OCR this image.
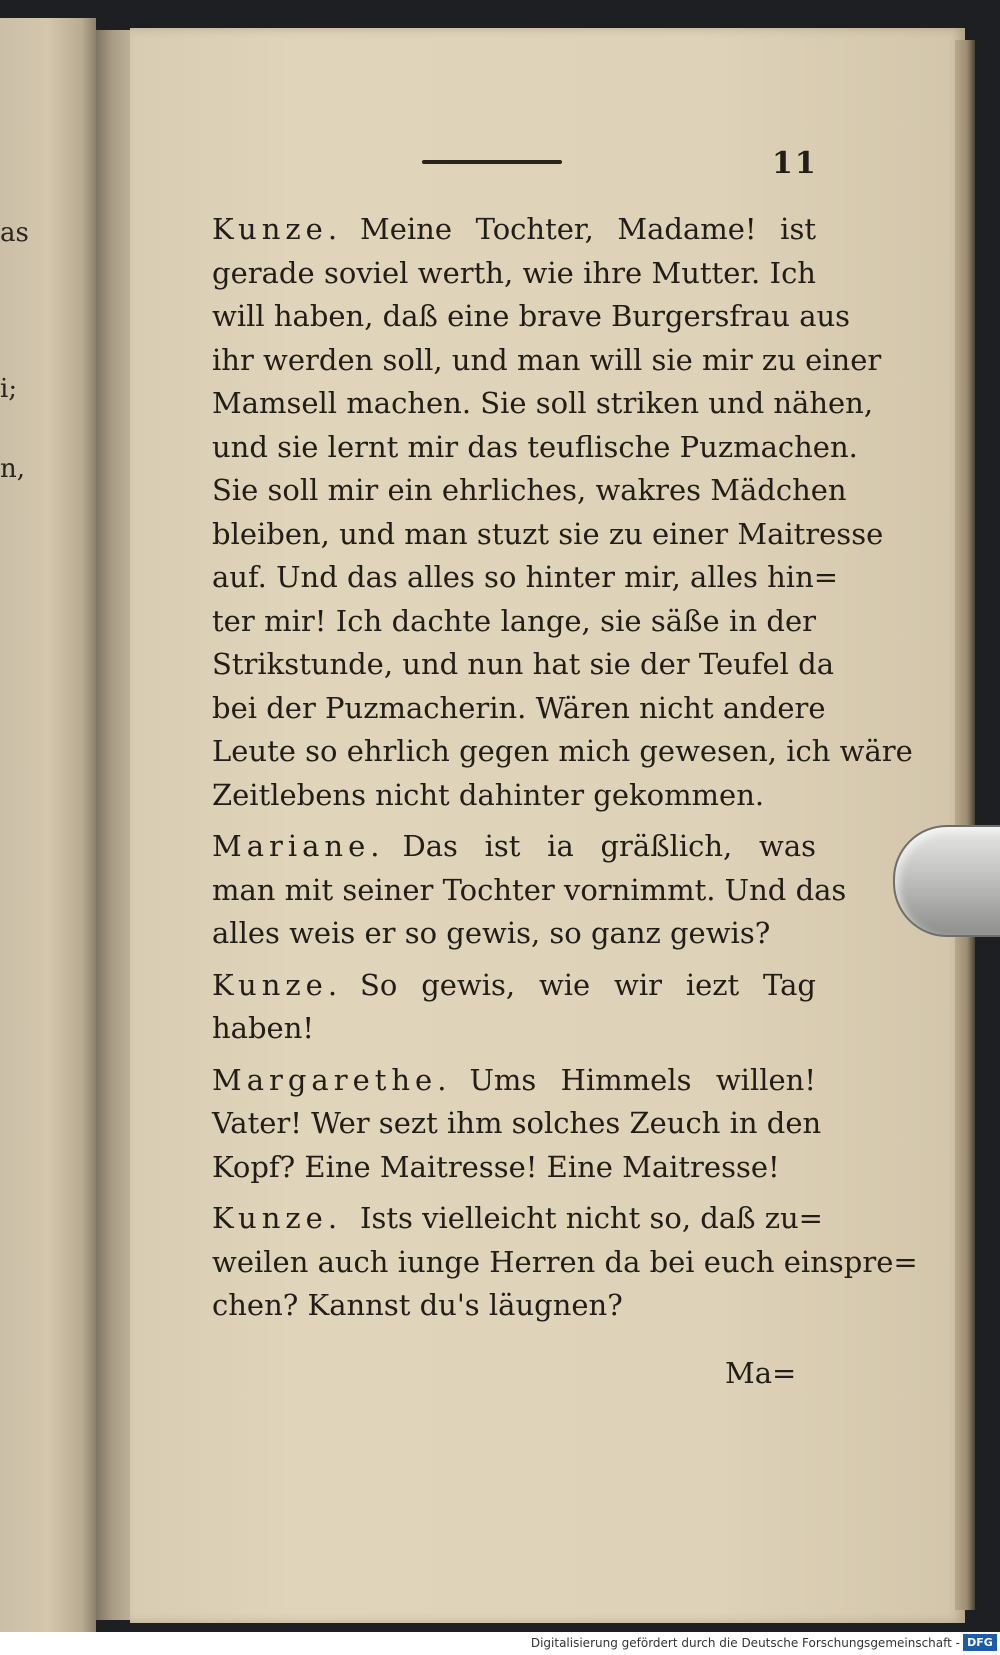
as
i;
n,
11
Kunze. Meine Tochter, Madame! ist
gerade soviel werth, wie ihre Mutter. Ich
will haben, daß eine brave Burgersfrau aus
ihr werden soll, und man will sie mir zu einer
Mamsell machen. Sie soll striken und nähen,
und sie lernt mir das teuflische Puzmachen.
Sie soll mir ein ehrliches, wakres Mädchen
bleiben, und man stuzt sie zu einer Maitresse
auf. Und das alles so hinter mir, alles hin=
ter mir! Ich dachte lange, sie säße in der
Strikstunde, und nun hat sie der Teufel da
bei der Puzmacherin. Wären nicht andere
Leute so ehrlich gegen mich gewesen, ich wäre
Zeitlebens nicht dahinter gekommen.
Mariane. Das ist ia gräßlich, was
man mit seiner Tochter vornimmt. Und das
alles weis er so gewis, so ganz gewis?
Kunze. So gewis, wie wir iezt Tag
haben!
Margarethe. Ums Himmels willen!
Vater! Wer sezt ihm solches Zeuch in den
Kopf? Eine Maitresse! Eine Maitresse!
Kunze. Ists vielleicht nicht so, daß zu=
weilen auch iunge Herren da bei euch einspre=
chen? Kannst du's läugnen?
Ma=
Digitalisierung gefördert durch die Deutsche Forschungsgemeinschaft - DFG
